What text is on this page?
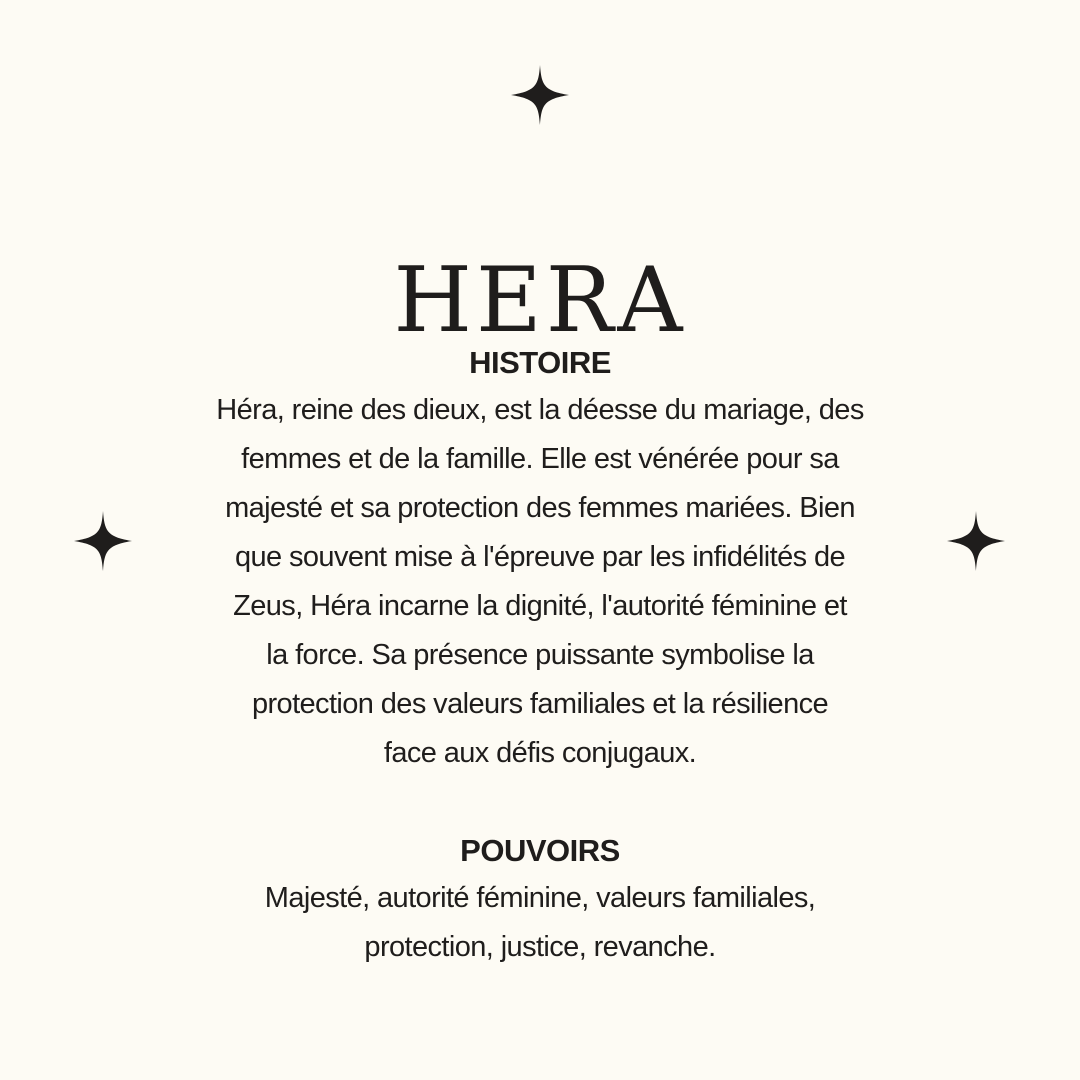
HERA
HISTOIRE
Héra, reine des dieux, est la déesse du mariage, des
femmes et de la famille. Elle est vénérée pour sa
majesté et sa protection des femmes mariées. Bien
que souvent mise à l'épreuve par les infidélités de
Zeus, Héra incarne la dignité, l'autorité féminine et
la force. Sa présence puissante symbolise la
protection des valeurs familiales et la résilience
face aux défis conjugaux.
POUVOIRS
Majesté, autorité féminine, valeurs familiales,
protection, justice, revanche.
